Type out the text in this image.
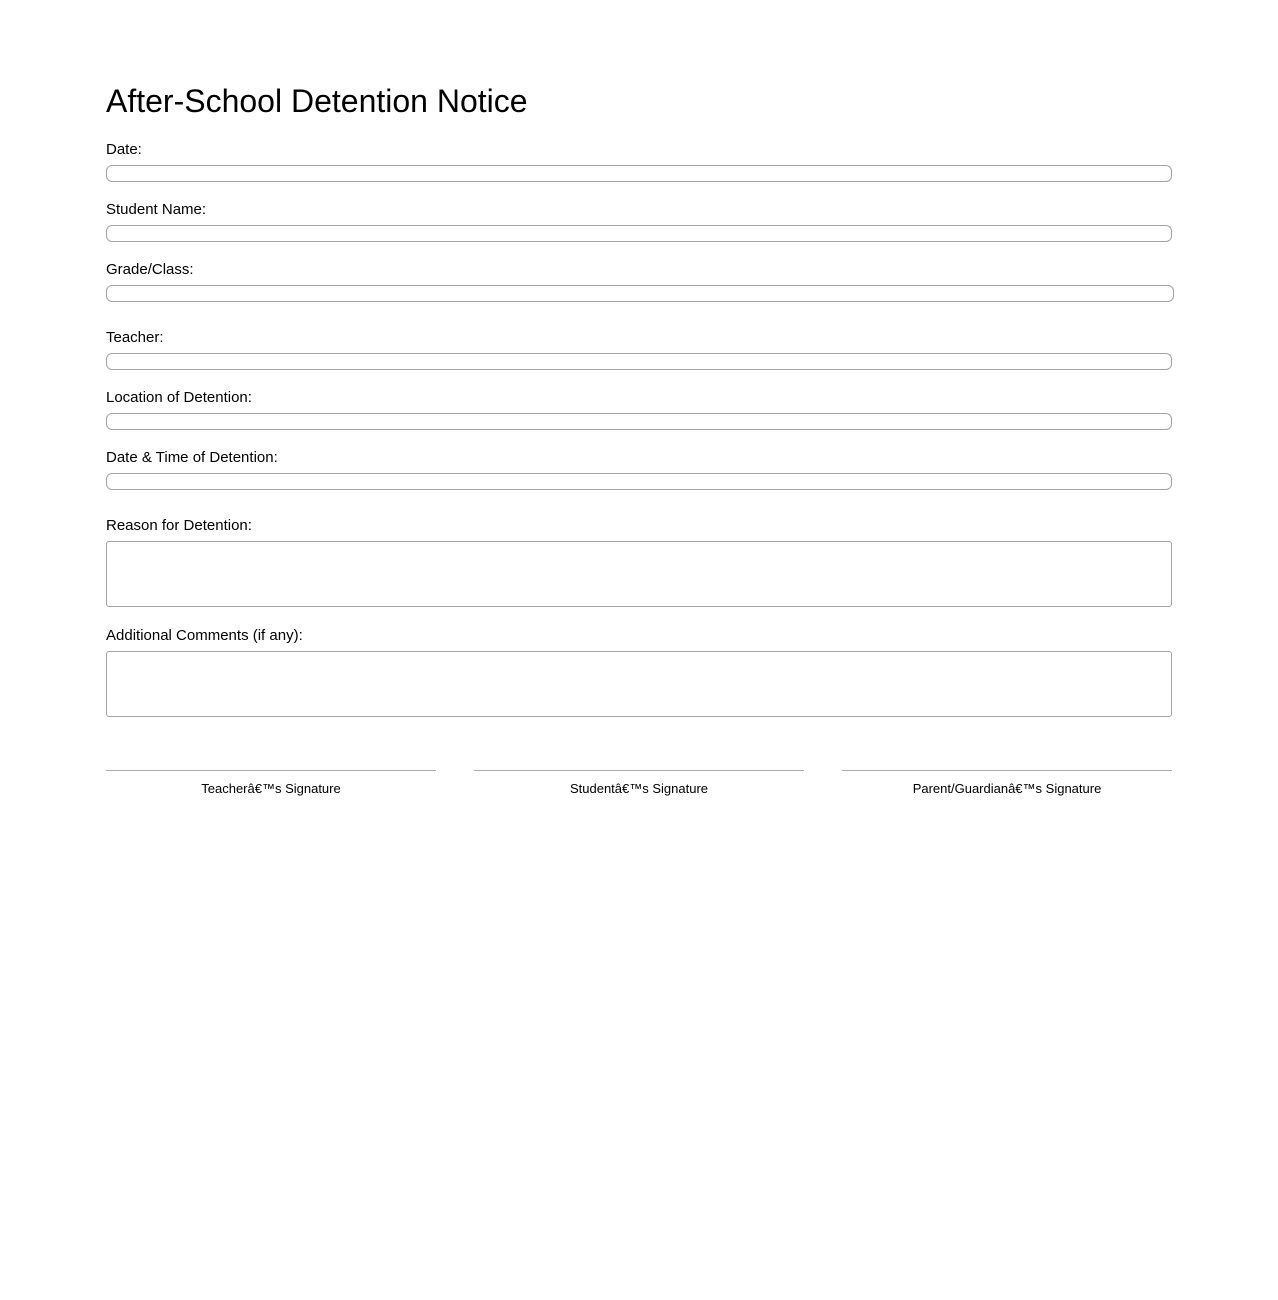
After-School Detention Notice
Date:
Student Name:
Grade/Class:
Teacher:
Location of Detention:
Date & Time of Detention:
Reason for Detention:
Additional Comments (if any):
Teacherâ€™s Signature	Studentâ€™s Signature	Parent/Guardianâ€™s Signature
